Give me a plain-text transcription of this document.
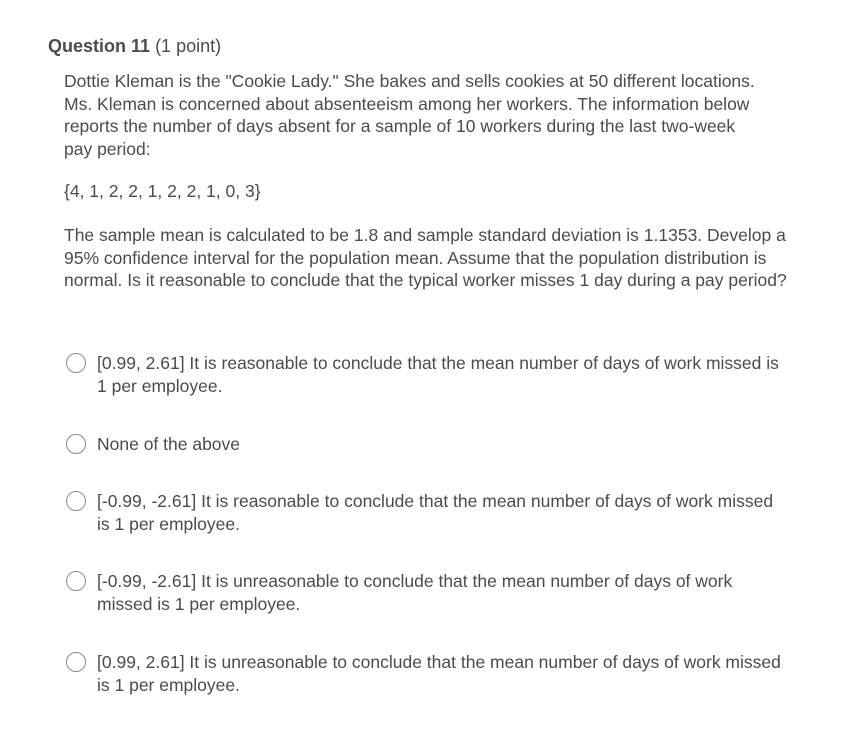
Question 11 (1 point)

Dottie Kleman is the "Cookie Lady." She bakes and sells cookies at 50 different locations. Ms. Kleman is concerned about absenteeism among her workers. The information below reports the number of days absent for a sample of 10 workers during the last two-week pay period:

{4, 1, 2, 2, 1, 2, 2, 1, 0, 3}

The sample mean is calculated to be 1.8 and sample standard deviation is 1.1353. Develop a 95% confidence interval for the population mean. Assume that the population distribution is normal. Is it reasonable to conclude that the typical worker misses 1 day during a pay period?

[0.99, 2.61] It is reasonable to conclude that the mean number of days of work missed is 1 per employee.
None of the above
[-0.99, -2.61] It is reasonable to conclude that the mean number of days of work missed is 1 per employee.
[-0.99, -2.61] It is unreasonable to conclude that the mean number of days of work missed is 1 per employee.
[0.99, 2.61] It is unreasonable to conclude that the mean number of days of work missed is 1 per employee.
